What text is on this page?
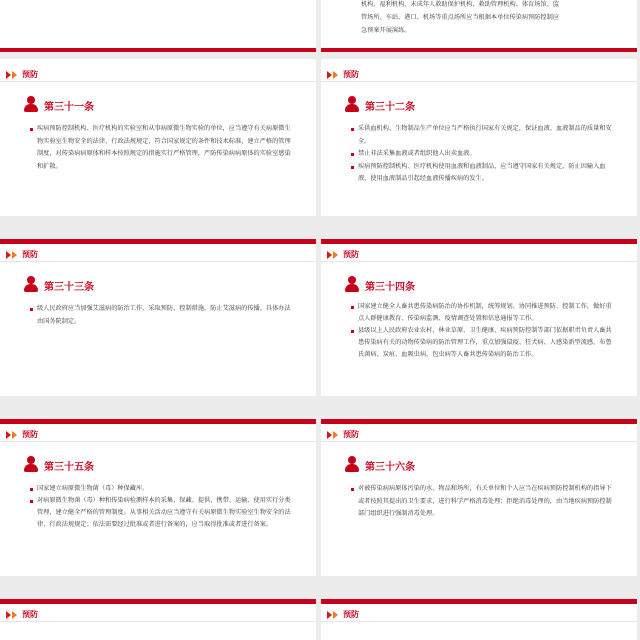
机构、福利机构、未成年人救助保护机构、救助管理机构、体育场馆、监
管场所、车站、港口、机场等重点场所应当根据本单位传染病预防控制应
急预案开展演练。
预防
第三十一条
疾病预防控制机构、医疗机构的实验室和从事病原微生物实验的单位，应当遵守有关病原微生物实验室生物安全的法律、行政法规规定，符合国家规定的条件和技术标准，建立严格的管理制度，对传染病病原体和样本按照规定的措施实行严格管理，严防传染病病原体的实验室感染和扩散。
预防
第三十二条
采供血机构、生物制品生产单位应当严格执行国家有关规定，保证血液、血液制品的质量和安全。
禁止非法采集血液或者组织他人出卖血液。
疾病预防控制机构、医疗机构使用血液和血液制品，应当遵守国家有关规定，防止因输入血液、使用血液制品引起经血液传播疾病的发生。
预防
第三十三条
级人民政府应当加强艾滋病的防治工作，采取预防、控制措施，防止艾滋病的传播。具体办法由国务院制定。
预防
第三十四条
国家建立健全人畜共患传染病防治的协作机制，统筹规划、协同推进预防、控制工作，做好重点人群健康教育、传染病监测、疫情调查处置和信息通报等工作。
县级以上人民政府农业农村、林业草原、卫生健康、疾病预防控制等部门依据职责负责人畜共患传染病有关的动物传染病的防治管理工作，重点加强鼠疫、狂犬病、人感染新型流感、布鲁氏菌病、炭疽、血吸虫病、包虫病等人畜共患传染病的防治工作。
预防
第三十五条
国家建立病原微生物菌（毒）种保藏库。
对病原微生物菌（毒）种和传染病检测样本的采集、保藏、提供、携带、运输、使用实行分类管理，建立健全严格的管理制度。从事相关活动应当遵守有关病原微生物实验室生物安全的法律、行政法规规定；依法需要经过批准或者进行备案的，应当取得批准或者进行备案。
预防
第三十六条
对被传染病病原体污染的水、物品和场所，有关单位和个人应当在疾病预防控制机构的指导下或者按照其提出的卫生要求，进行科学严格消毒处理；拒绝消毒处理的，由当地疾病预防控制部门组织进行强制消毒处理。
预防	预防
